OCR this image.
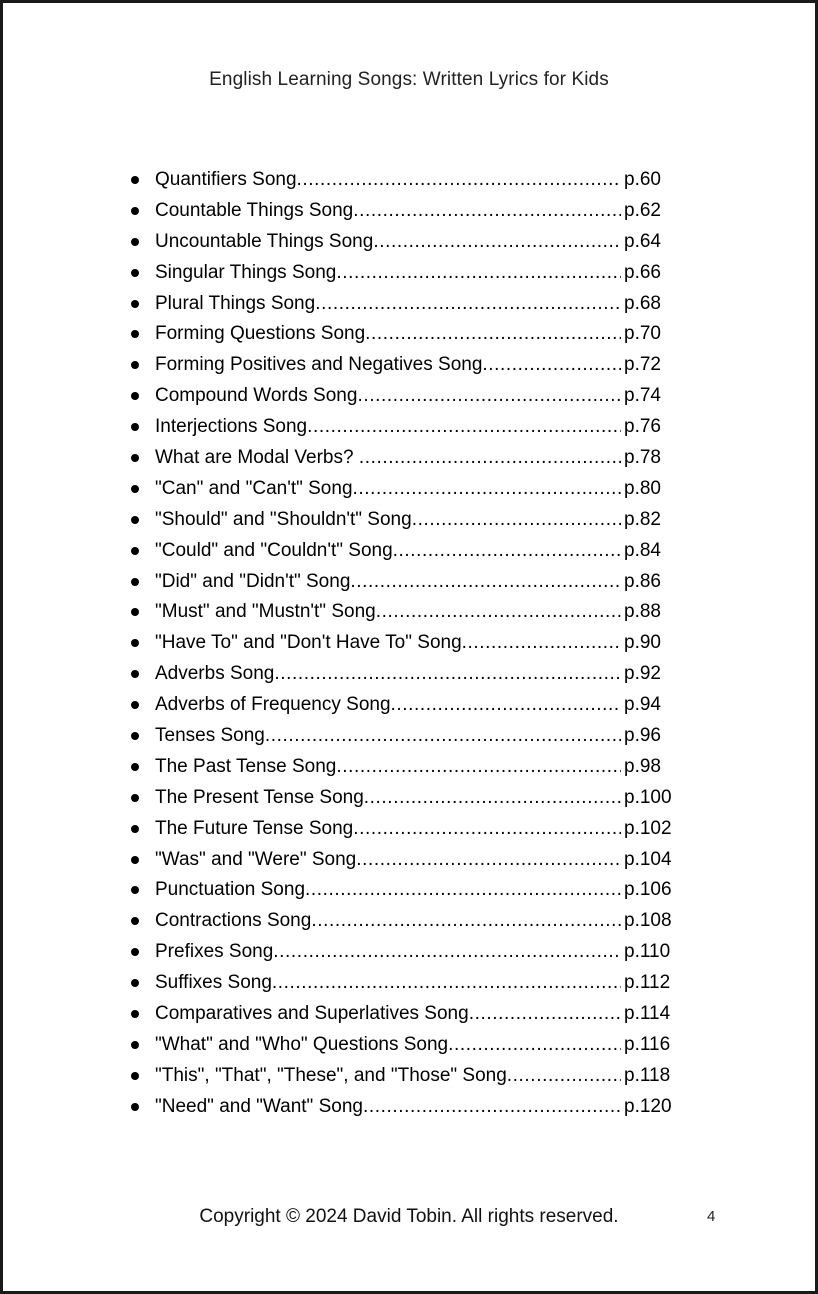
English Learning Songs: Written Lyrics for Kids
Quantifiers Song .....	p.60
Countable Things Song .....	p.62
Uncountable Things Song .....	p.64
Singular Things Song .....	p.66
Plural Things Song .....	p.68
Forming Questions Song .....	p.70
Forming Positives and Negatives Song .....	p.72
Compound Words Song .....	p.74
Interjections Song .....	p.76
What are Modal Verbs? .....	p.78
"Can" and "Can't" Song .....	p.80
"Should" and "Shouldn't" Song .....	p.82
"Could" and "Couldn't" Song .....	p.84
"Did" and "Didn't" Song .....	p.86
"Must" and "Mustn't" Song .....	p.88
"Have To" and "Don't Have To" Song .....	p.90
Adverbs Song .....	p.92
Adverbs of Frequency Song .....	p.94
Tenses Song .....	p.96
The Past Tense Song .....	p.98
The Present Tense Song .....	p.100
The Future Tense Song .....	p.102
"Was" and "Were" Song .....	p.104
Punctuation Song .....	p.106
Contractions Song .....	p.108
Prefixes Song .....	p.110
Suffixes Song .....	p.112
Comparatives and Superlatives Song .....	p.114
"What" and "Who" Questions Song .....	p.116
"This", "That", "These", and "Those" Song .....	p.118
"Need" and "Want" Song .....	p.120
Copyright © 2024 David Tobin. All rights reserved.	4
